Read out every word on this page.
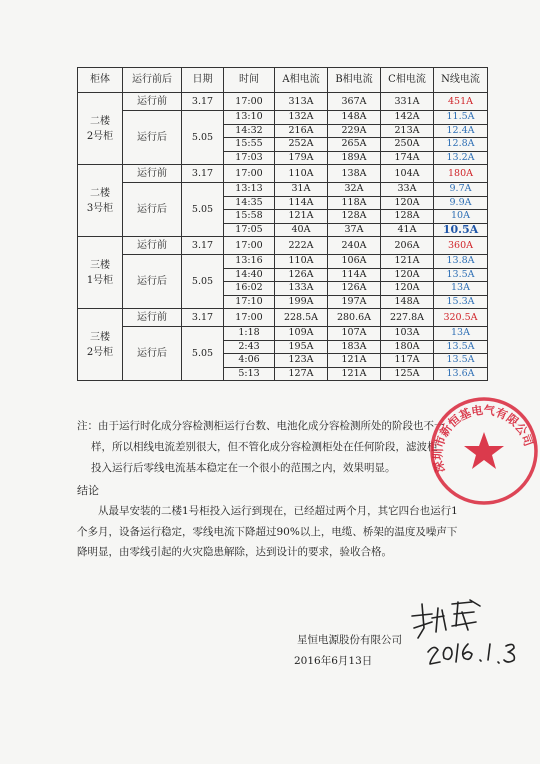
柜体	运行前后	日期	时间	A相电流	B相电流	C相电流	N线电流
二楼
2号柜	运行前	3.17	17:00	313A	367A	331A	451A
	运行后	5.05	13:10	132A	148A	142A	11.5A
			14:32	216A	229A	213A	12.4A
			15:55	252A	265A	250A	12.8A
			17:03	179A	189A	174A	13.2A
二楼
3号柜	运行前	3.17	17:00	110A	138A	104A	180A
	运行后	5.05	13:13	31A	32A	33A	9.7A
			14:35	114A	118A	120A	9.9A
			15:58	121A	128A	128A	10A
			17:05	40A	37A	41A	10.5A
三楼
1号柜	运行前	3.17	17:00	222A	240A	206A	360A
	运行后	5.05	13:16	110A	106A	121A	13.8A
			14:40	126A	114A	120A	13.5A
			16:02	133A	126A	120A	13A
			17:10	199A	197A	148A	15.3A
三楼
2号柜	运行前	3.17	17:00	228.5A	280.6A	227.8A	320.5A
	运行后	5.05	1:18	109A	107A	103A	13A
			2:43	195A	183A	180A	13.5A
			4:06	123A	121A	117A	13.5A
			5:13	127A	121A	125A	13.6A
注：由于运行时化成分容检测柜运行台数、电池化成分容检测所处的阶段也不一
样，所以相线电流差别很大，但不管化成分容检测柜处在任何阶段，滤波柜
投入运行后零线电流基本稳定在一个很小的范围之内，效果明显。
结论
从最早安装的二楼1号柜投入运行到现在，已经超过两个月，其它四台也运行1个多月，设备运行稳定，零线电流下降超过90%以上，电缆、桥架的温度及噪声下降明显，由零线引起的火灾隐患解除，达到设计的要求，验收合格。
星恒电源股份有限公司
2016年6月13日
深圳市新恒基电气有限公司
